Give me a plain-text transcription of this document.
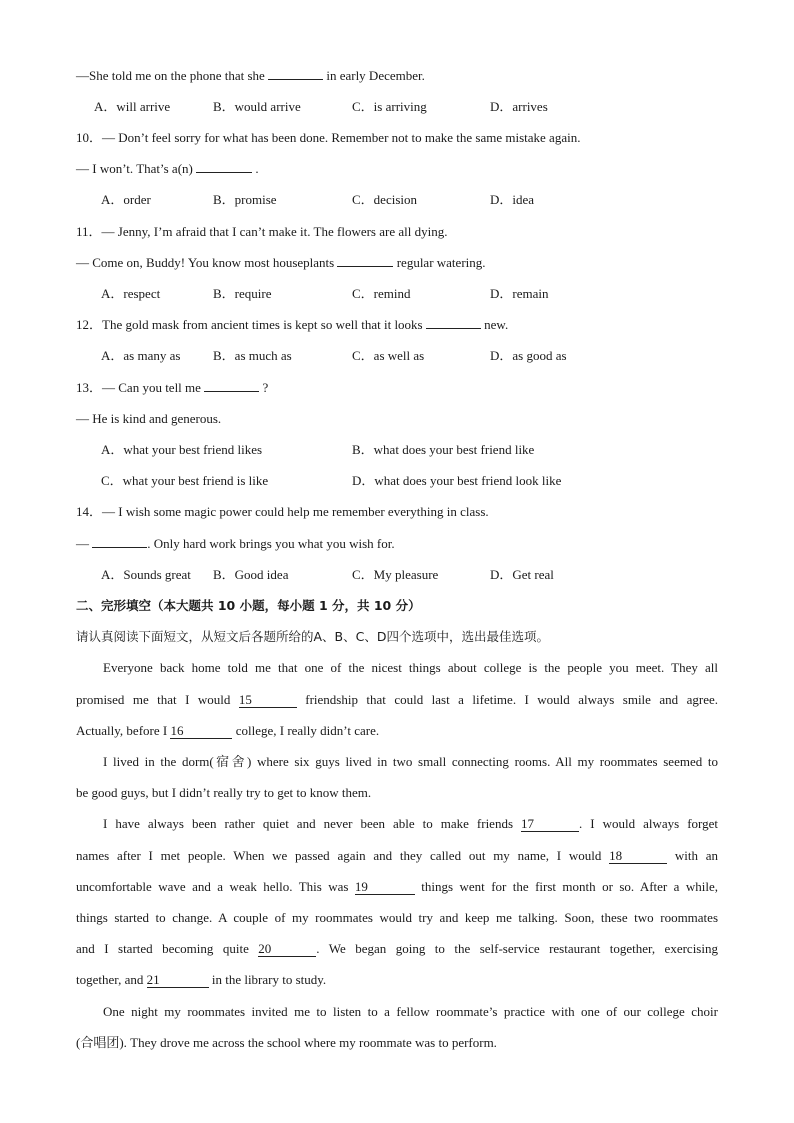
—She told me on the phone that she	in early December.
A．will arrive	B．would arrive	C．is arriving	D．arrives
10．— Don’t feel sorry for what has been done. Remember not to make the same mistake again.
— I won’t. That’s a(n)	.
A．order	B．promise	C．decision	D．idea
11．— Jenny, I’m afraid that I can’t make it. The flowers are all dying.
— Come on, Buddy! You know most houseplants	regular watering.
A．respect	B．require	C．remind	D．remain
12．The gold mask from ancient times is kept so well that it looks	new.
A．as many as	B．as much as	C．as well as	D．as good as
13．— Can you tell me	?
— He is kind and generous.
A．what your best friend likes	B．what does your best friend like
C．what your best friend is like	D．what does your best friend look like
14．— I wish some magic power could help me remember everything in class.
—	. Only hard work brings you what you wish for.
A．Sounds great B．Good idea	C．My pleasure	D．Get real
二、完形填空（本大题共 10 小题，每小题 1 分，共 10 分）
请认真阅读下面短文，从短文后各题所给的A、B、C、D四个选项中，选出最佳选项。
Everyone back home told me that one of the nicest things about college is the people you meet. They all
promised me that I would 15	friendship that could last a lifetime. I would always smile and agree.
Actually, before I 16	college, I really didn’t care.
I lived in the dorm(宿舍) where six guys lived in two small connecting rooms. All my roommates seemed to
be good guys, but I didn’t really try to get to know them.
I have always been rather quiet and never been able to make friends 17	. I would always forget
names after I met people. When we passed again and they called out my name, I would 18	with an
uncomfortable wave and a weak hello. This was 19	things went for the first month or so. After a while,
things started to change. A couple of my roommates would try and keep me talking. Soon, these two roommates
and I started becoming quite 20	. We began going to the self-service restaurant together, exercising
together, and 21	in the library to study.
One night my roommates invited me to listen to a fellow roommate’s practice with one of our college choir
(合唱团). They drove me across the school where my roommate was to perform.
